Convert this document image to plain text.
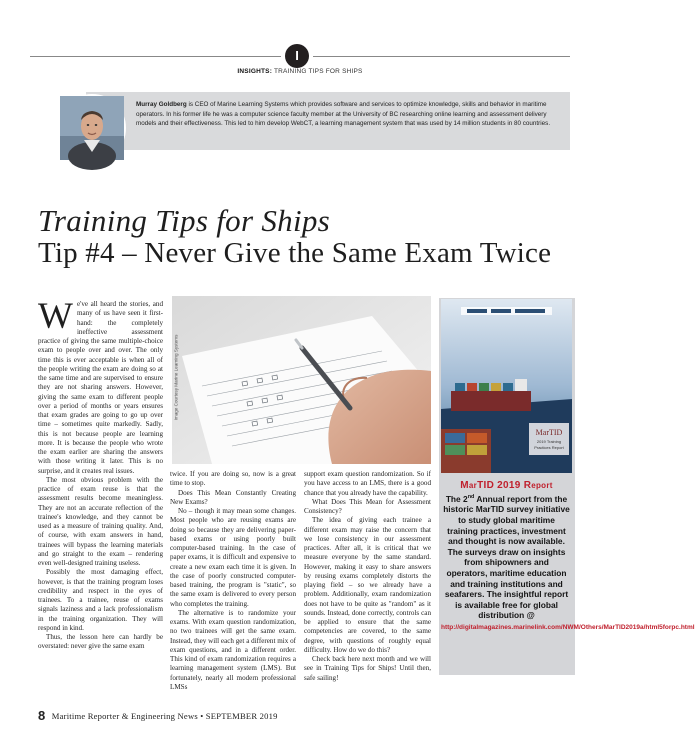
I
INSIGHTS: TRAINING TIPS FOR SHIPS
Murray Goldberg is CEO of Marine Learning Systems which provides software and services to optimize knowledge, skills and behavior in maritime operators. In his former life he was a computer science faculty member at the University of BC researching online learning and assessment delivery models and their effectiveness. This led to him develop WebCT, a learning management system that was used by 14 million students in 80 countries.
Training Tips for Ships
Tip #4 – Never Give the Same Exam Twice

We've all heard the stories, and many of us have seen it first-hand: the completely ineffective assessment practice of giving the same multiple-choice exam to people over and over. The only time this is ever acceptable is when all of the people writing the exam are doing so at the same time and are supervised to ensure they are not sharing answers. However, giving the same exam to different people over a period of months or years ensures that exam grades are going to go up over time – sometimes quite markedly. Sadly, this is not because people are learning more. It is because the people who wrote the exam earlier are sharing the answers with those writing it later. This is no surprise, and it creates real issues.

The most obvious problem with the practice of exam reuse is that the assessment results become meaningless. They are not an accurate reflection of the trainee's knowledge, and they cannot be used as a measure of training quality. And, of course, with exam answers in hand, trainees will bypass the learning materials and go straight to the exam – rendering even well-designed training useless.

Possibly the most damaging effect, however, is that the training program loses credibility and respect in the eyes of trainees. To a trainee, reuse of exams signals laziness and a lack professionalism in the training organization. They will respond in kind.

Thus, the lesson here can hardly be overstated: never give the same exam

Image Courtesy Marine Learning Systems

twice. If you are doing so, now is a great time to stop.

Does This Mean Constantly Creating New Exams?

No – though it may mean some changes. Most people who are reusing exams are doing so because they are delivering paper-based exams or using poorly built computer-based training. In the case of paper exams, it is difficult and expensive to create a new exam each time it is given. In the case of poorly constructed computer-based training, the program is "static", so the same exam is delivered to every person who completes the training.

The alternative is to randomize your exams. With exam question randomization, no two trainees will get the same exam. Instead, they will each get a different mix of exam questions, and in a different order. This kind of exam randomization requires a learning management system (LMS). But fortunately, nearly all modern professional LMSs

support exam question randomization. So if you have access to an LMS, there is a good chance that you already have the capability.

What Does This Mean for Assessment Consistency?

The idea of giving each trainee a different exam may raise the concern that we lose consistency in our assessment practices. After all, it is critical that we measure everyone by the same standard. However, making it easy to share answers by reusing exams completely distorts the playing field – so we already have a problem. Additionally, exam randomization does not have to be quite as "random" as it sounds. Instead, done correctly, controls can be applied to ensure that the same competencies are covered, to the same degree, with questions of roughly equal difficulty. How do we do this?

Check back here next month and we will see in Training Tips for Ships! Until then, safe sailing!

MarTID
2019 Training
Practices Report
MarTID 2019 Report
The 2nd Annual report from the historic MarTID survey initiative to study global maritime training practices, investment and thought is now available. The surveys draw on insights from shipowners and operators, maritime education and training institutions and seafarers. The insightful report is available free for global distribution @
http://digitalmagazines.marinelink.com/NWM/Others/MarTID2019a/html5forpc.html
8 Maritime Reporter & Engineering News • SEPTEMBER 2019
